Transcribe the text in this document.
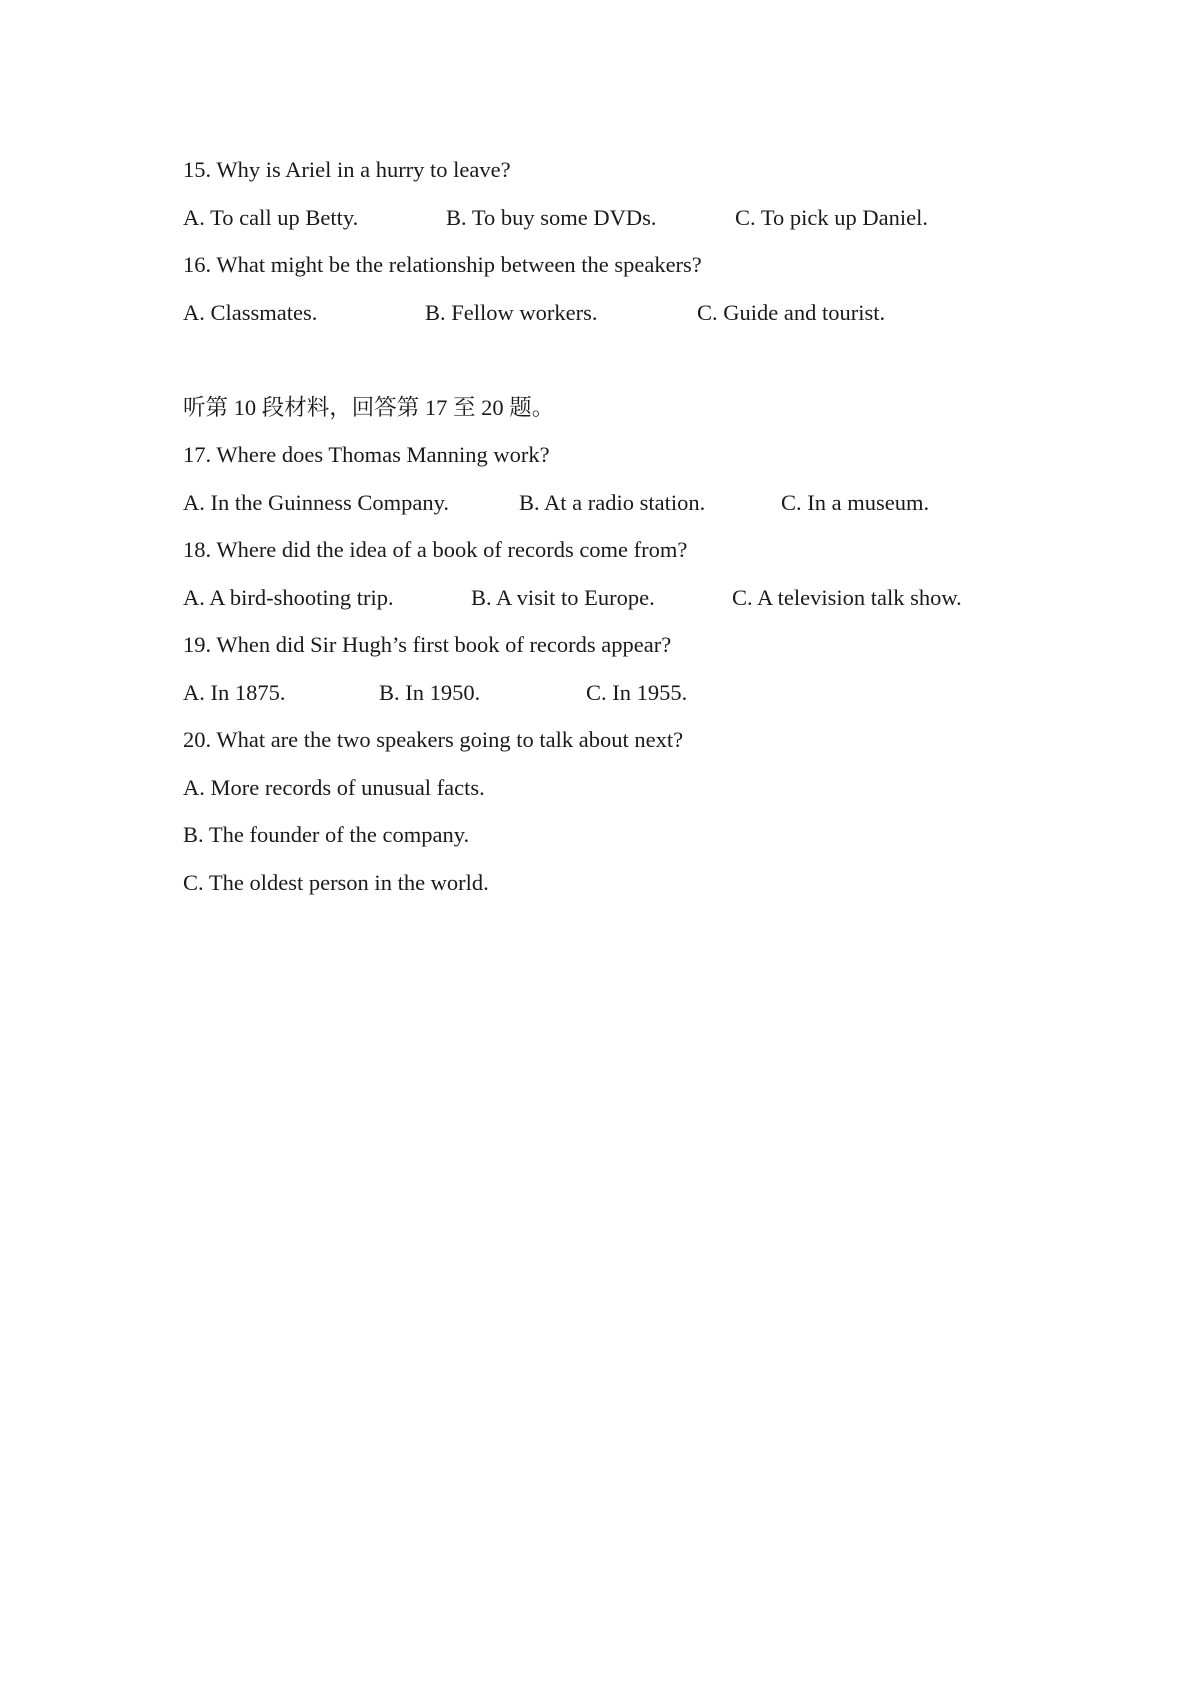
15. Why is Ariel in a hurry to leave?
A. To call up Betty.	B. To buy some DVDs.	C. To pick up Daniel.
16. What might be the relationship between the speakers?
A. Classmates.	B. Fellow workers.	C. Guide and tourist.
听第 10 段材料，回答第 17 至 20 题。
17. Where does Thomas Manning work?
A. In the Guinness Company.	B. At a radio station.	C. In a museum.
18. Where did the idea of a book of records come from?
A. A bird-shooting trip.	B. A visit to Europe.	C. A television talk show.
19. When did Sir Hugh’s first book of records appear?
A. In 1875.	B. In 1950.	C. In 1955.
20. What are the two speakers going to talk about next?
A. More records of unusual facts.
B. The founder of the company.
C. The oldest person in the world.
